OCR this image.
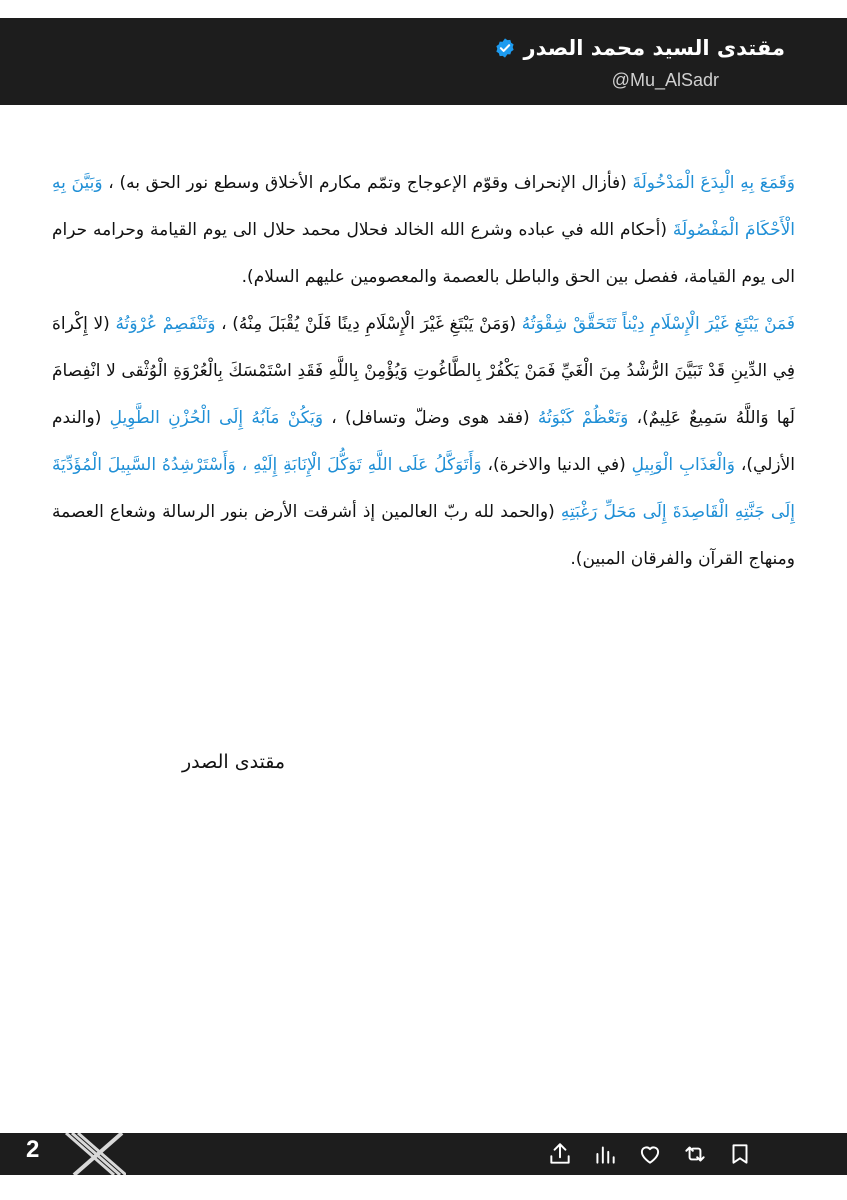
مقتدى السيد محمد الصدر
@Mu_AlSadr

وَقَمَعَ بِهِ الْبِدَعَ الْمَدْخُولَةَ (فأزال الإنحراف وقوّم الإعوجاج وتمّم مكارم الأخلاق وسطع نور الحق به) ، وَبَيَّنَ بِهِ الْأَحْكَامَ الْمَفْصُولَةَ (أحكام الله في عباده وشرع الله الخالد فحلال محمد حلال الى يوم القيامة وحرامه حرام الى يوم القيامة، ففصل بين الحق والباطل بالعصمة والمعصومين عليهم السلام).

فَمَنْ يَبْتَغِ غَيْرَ الْإِسْلَامِ دِيْناً تَتَحَقَّقْ شِقْوَتُهُ (وَمَنْ يَبْتَغِ غَيْرَ الْإِسْلَامِ دِينًا فَلَنْ يُقْبَلَ مِنْهُ) ، وَتَنْفَصِمْ عُرْوَتُهُ (لا إِكْراهَ فِي الدِّينِ قَدْ تَبَيَّنَ الرُّشْدُ مِنَ الْغَيِّ فَمَنْ يَكْفُرْ بِالطَّاغُوتِ وَيُؤْمِنْ بِاللَّهِ فَقَدِ اسْتَمْسَكَ بِالْعُرْوَةِ الْوُثْقى لا انْفِصامَ لَها وَاللَّهُ سَمِيعٌ عَلِيمٌ)، وَتَعْظُمْ كَبْوَتُهُ (فقد هوى وضلّ وتسافل) ، وَيَكُنْ مَآبُهُ إِلَى الْحُزْنِ الطَّوِيلِ (والندم الأزلي)، وَالْعَذَابِ الْوَبِيلِ (في الدنيا والاخرة)، وَأَتَوَكَّلُ عَلَى اللَّهِ تَوَكُّلَ الْإِنَابَةِ إِلَيْهِ ، وَأَسْتَرْشِدُهُ السَّبِيلَ الْمُؤَدِّيَةَ إِلَى جَنَّتِهِ الْقَاصِدَةَ إِلَى مَحَلِّ رَغْبَتِهِ (والحمد لله ربّ العالمين إذ أشرقت الأرض بنور الرسالة وشعاع العصمة ومنهاج القرآن والفرقان المبين).

مقتدى الصدر
2
